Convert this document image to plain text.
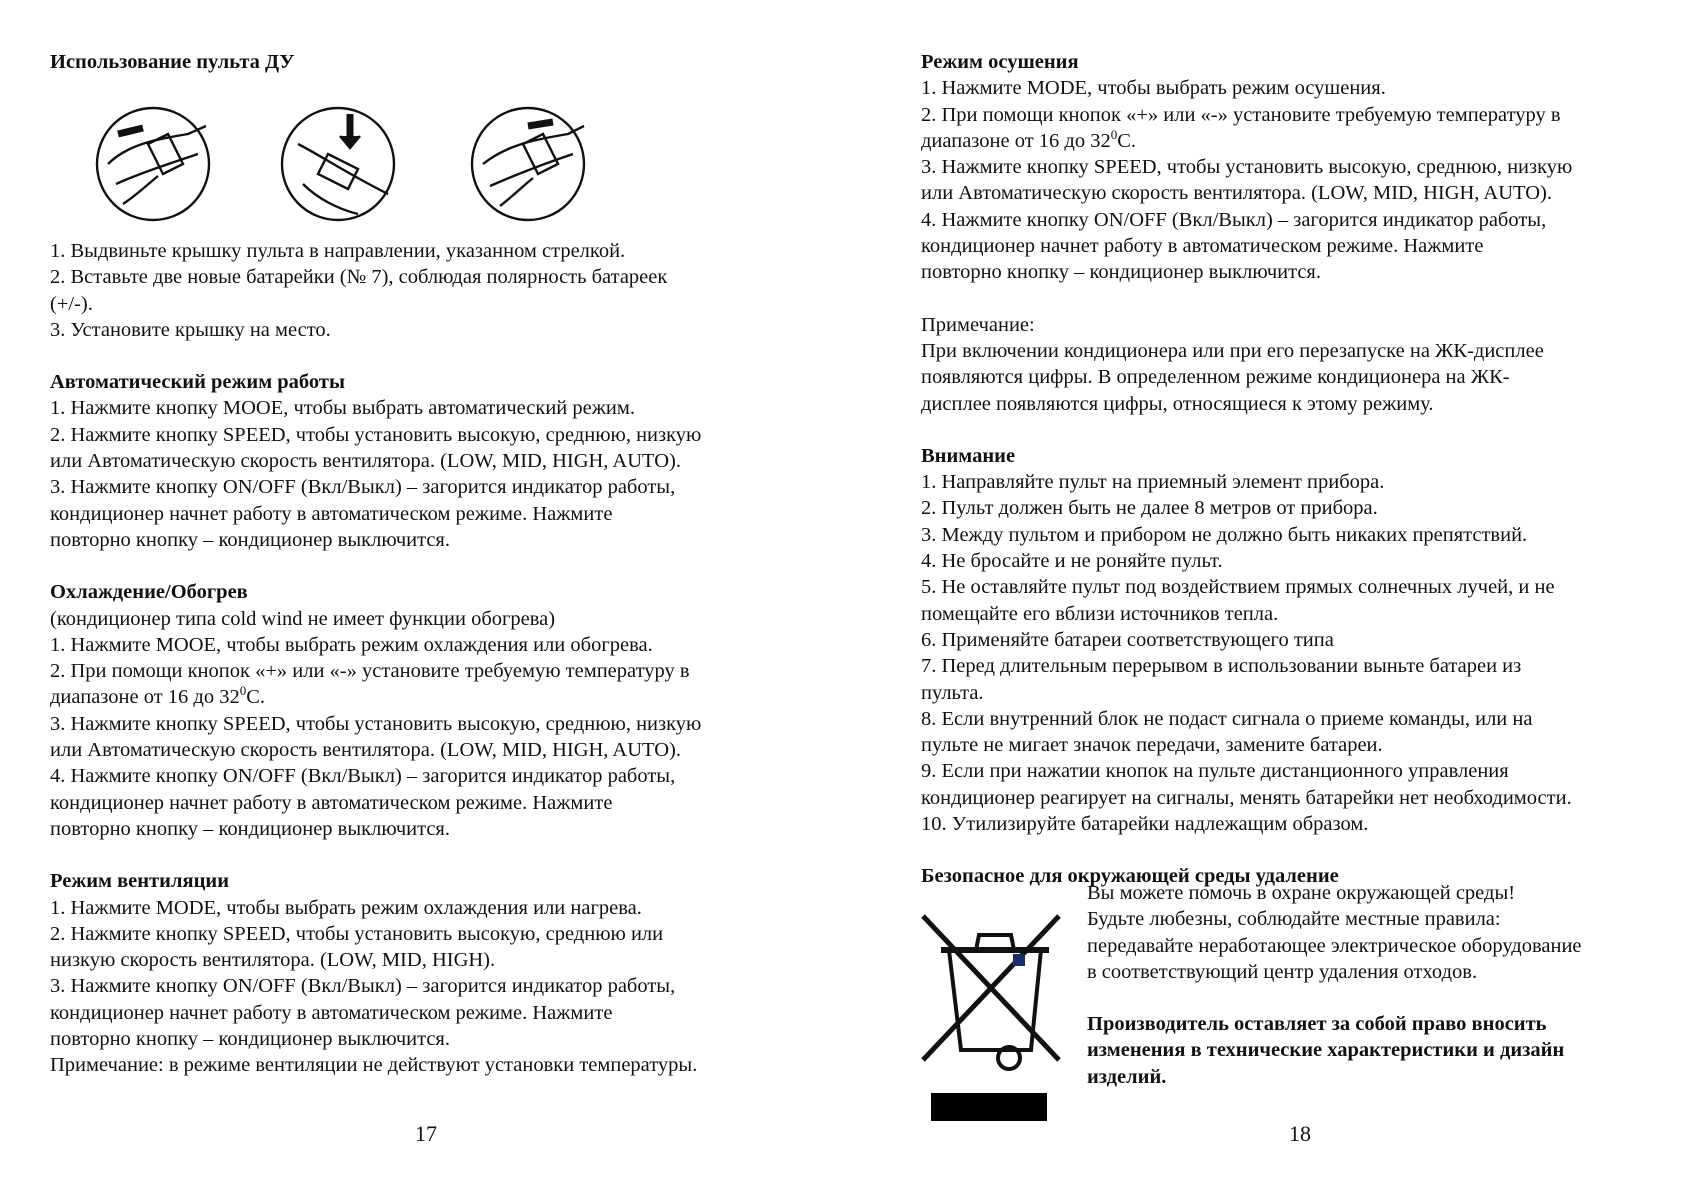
Использование пульта ДУ

1. Выдвиньте крышку пульта в направлении, указанном стрелкой.

2. Вставьте две новые батарейки (№ 7), соблюдая полярность батареек

(+/-).

3. Установите крышку на место.

Автоматический режим работы

1. Нажмите кнопку МООЕ, чтобы выбрать автоматический режим.

2. Нажмите кнопку SPEED, чтобы установить высокую, среднюю, низкую

или Автоматическую скорость вентилятора. (LOW, MID, HIGH, AUTO).

3. Нажмите кнопку ON/OFF (Вкл/Выкл) – загорится индикатор работы,

кондиционер начнет работу в автоматическом режиме. Нажмите

повторно кнопку – кондиционер выключится.

Охлаждение/Обогрев

(кондиционер типа cold wind не имеет функции обогрева)

1. Нажмите МООЕ, чтобы выбрать режим охлаждения или обогрева.

2. При помощи кнопок «+» или «-» установите требуемую температуру в

диапазоне от 16 до $32^0С$.

3. Нажмите кнопку SPEED, чтобы установить высокую, среднюю, низкую

или Автоматическую скорость вентилятора. (LOW, MID, HIGH, AUTO).

4. Нажмите кнопку ON/OFF (Вкл/Выкл) – загорится индикатор работы,

кондиционер начнет работу в автоматическом режиме. Нажмите

повторно кнопку – кондиционер выключится.

Режим вентиляции

1. Нажмите MODE, чтобы выбрать режим охлаждения или нагрева.

2. Нажмите кнопку SPEED, чтобы установить высокую, среднюю или

низкую скорость вентилятора. (LOW, MID, HIGH).

3. Нажмите кнопку ON/OFF (Вкл/Выкл) – загорится индикатор работы,

кондиционер начнет работу в автоматическом режиме. Нажмите

повторно кнопку – кондиционер выключится.

Примечание: в режиме вентиляции не действуют установки температуры.

17
Режим осушения

1. Нажмите MODE, чтобы выбрать режим осушения.

2. При помощи кнопок «+» или «-» установите требуемую температуру в

диапазоне от 16 до $32^0С$.

3. Нажмите кнопку SPEED, чтобы установить высокую, среднюю, низкую

или Автоматическую скорость вентилятора. (LOW, MID, HIGH, AUTO).

4. Нажмите кнопку ON/OFF (Вкл/Выкл) – загорится индикатор работы,

кондиционер начнет работу в автоматическом режиме. Нажмите

повторно кнопку – кондиционер выключится.

Примечание:

При включении кондиционера или при его перезапуске на ЖК-дисплее

появляются цифры. В определенном режиме кондиционера на ЖК-

дисплее появляются цифры, относящиеся к этому режиму.

Внимание

1. Направляйте пульт на приемный элемент прибора.

2. Пульт должен быть не далее 8 метров от прибора.

3. Между пультом и прибором не должно быть никаких препятствий.

4. Не бросайте и не роняйте пульт.

5. Не оставляйте пульт под воздействием прямых солнечных лучей, и не

помещайте его вблизи источников тепла.

6. Применяйте батареи соответствующего типа

7. Перед длительным перерывом в использовании выньте батареи из

пульта.

8. Если внутренний блок не подаст сигнала о приеме команды, или на

пульте не мигает значок передачи, замените батареи.

9. Если при нажатии кнопок на пульте дистанционного управления

кондиционер реагирует на сигналы, менять батарейки нет необходимости.

10. Утилизируйте батарейки надлежащим образом.

Безопасное для окружающей среды удаление

Вы можете помочь в охране окружающей среды!

Будьте любезны, соблюдайте местные правила:

передавайте неработающее электрическое оборудование

в соответствующий центр удаления отходов.

Производитель оставляет за собой право вносить

изменения в технические характеристики и дизайн

изделий.

18
